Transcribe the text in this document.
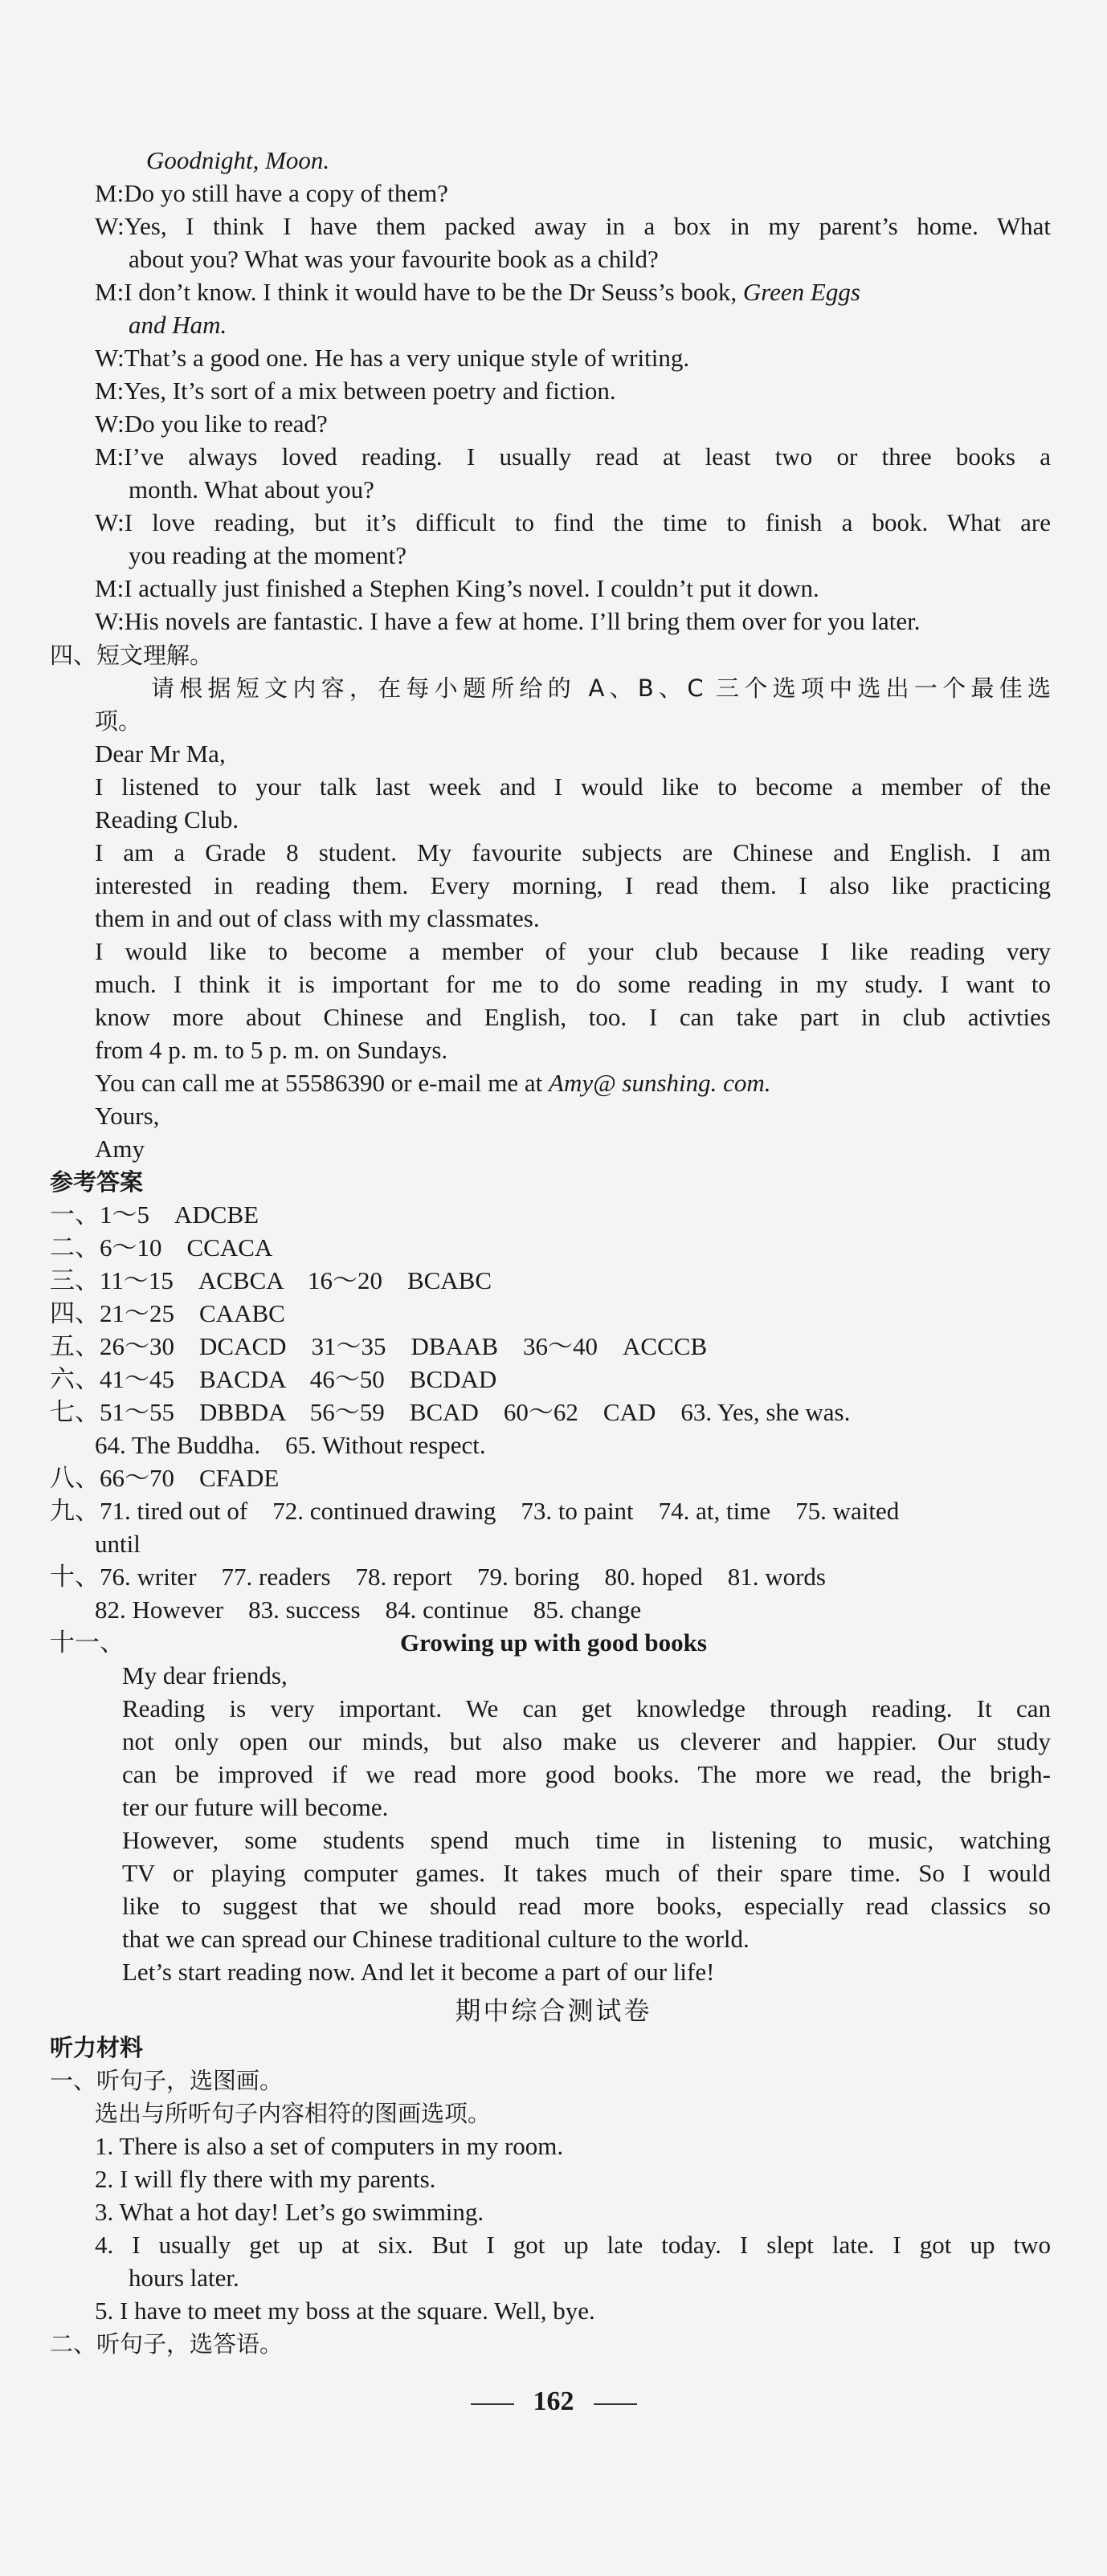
Goodnight, Moon.
M:Do yo still have a copy of them?
W:Yes, I think I have them packed away in a box in my parent’s home. What
about you? What was your favourite book as a child?
M:I don’t know. I think it would have to be the Dr Seuss’s book, Green Eggs
and Ham.
W:That’s a good one. He has a very unique style of writing.
M:Yes, It’s sort of a mix between poetry and fiction.
W:Do you like to read?
M:I’ve always loved reading. I usually read at least two or three books a
month. What about you?
W:I love reading, but it’s difficult to find the time to finish a book. What are
you reading at the moment?
M:I actually just finished a Stephen King’s novel. I couldn’t put it down.
W:His novels are fantastic. I have a few at home. I’ll bring them over for you later.
四、短文理解。
请根据短文内容，在每小题所给的 A、B、C 三个选项中选出一个最佳选
项。
Dear Mr Ma,
I listened to your talk last week and I would like to become a member of the
Reading Club.
I am a Grade 8 student. My favourite subjects are Chinese and English. I am
interested in reading them. Every morning, I read them. I also like practicing
them in and out of class with my classmates.
I would like to become a member of your club because I like reading very
much. I think it is important for me to do some reading in my study. I want to
know more about Chinese and English, too. I can take part in club activties
from 4 p. m. to 5 p. m. on Sundays.
You can call me at 55586390 or e-mail me at Amy@ sunshing. com.
Yours,
Amy
参考答案
一、1～5　ADCBE
二、6～10　CCACA
三、11～15　ACBCA　16～20　BCABC
四、21～25　CAABC
五、26～30　DCACD　31～35　DBAAB　36～40　ACCCB
六、41～45　BACDA　46～50　BCDAD
七、51～55　DBBDA　56～59　BCAD　60～62　CAD　63. Yes, she was.
64. The Buddha.　65. Without respect.
八、66～70　CFADE
九、71. tired out of　72. continued drawing　73. to paint　74. at, time　75. waited
until
十、76. writer　77. readers　78. report　79. boring　80. hoped　81. words
82. However　83. success　84. continue　85. change
十一、	Growing up with good books
My dear friends,
Reading is very important. We can get knowledge through reading. It can
not only open our minds, but also make us cleverer and happier. Our study
can be improved if we read more good books. The more we read, the brigh-
ter our future will become.
However, some students spend much time in listening to music, watching
TV or playing computer games. It takes much of their spare time. So I would
like to suggest that we should read more books, especially read classics so
that we can spread our Chinese traditional culture to the world.
Let’s start reading now. And let it become a part of our life!
期中综合测试卷
听力材料
一、听句子，选图画。
选出与所听句子内容相符的图画选项。
1. There is also a set of computers in my room.
2. I will fly there with my parents.
3. What a hot day! Let’s go swimming.
4. I usually get up at six. But I got up late today. I slept late. I got up two
hours later.
5. I have to meet my boss at the square. Well, bye.
二、听句子，选答语。
162
